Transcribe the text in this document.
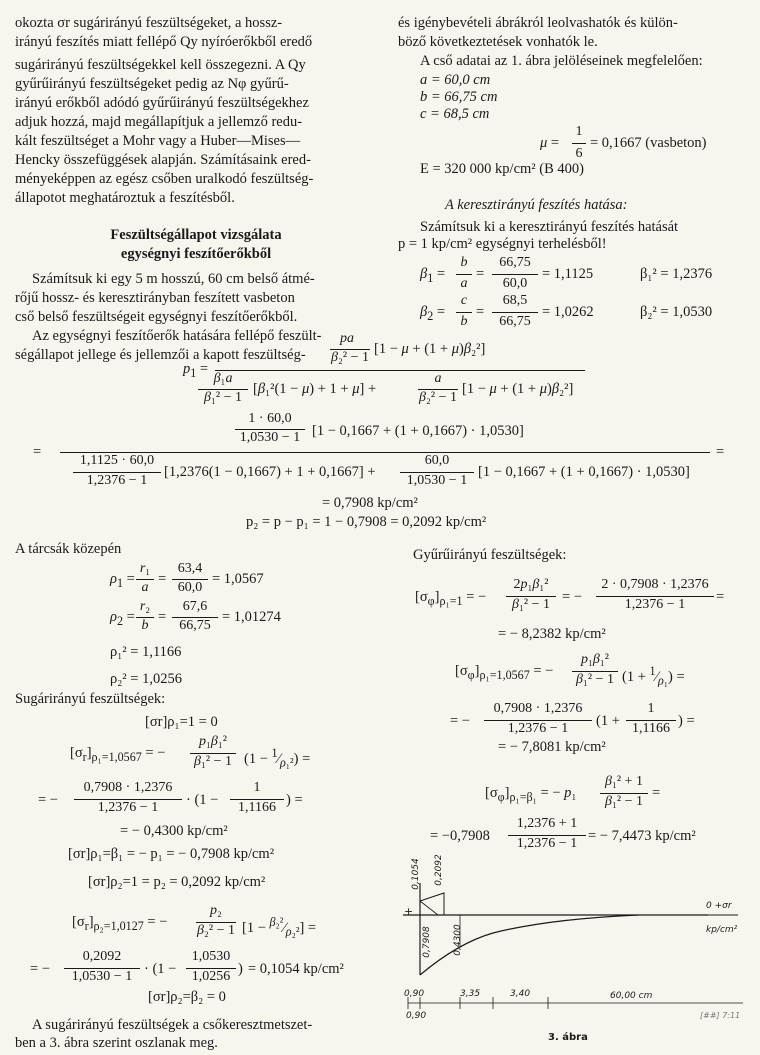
okozta σr sugárirányú feszültségeket, a hossz-
irányú feszítés miatt fellépő Qy nyíróerőkből eredő
sugárirányú feszültségekkel kell összegezni. A Qy
gyűrűirányú feszültségeket pedig az Nφ gyűrű-
irányú erőkből adódó gyűrűirányú feszültségekhez
adjuk hozzá, majd megállapítjuk a jellemző redu-
kált feszültséget a Mohr vagy a Huber—Mises—
Hencky összefüggések alapján. Számításaink ered-
ményeképpen az egész csőben uralkodó feszültség-
állapotot meghatároztuk a feszítésből.
Feszültségállapot vizsgálata
egységnyi feszítőerőkből
Számítsuk ki egy 5 m hosszú, 60 cm belső átmé-
rőjű hossz- és keresztirányban feszített vasbeton
cső belső feszültségeit egységnyi feszítőerőkből.
Az egységnyi feszítőerők hatására fellépő feszült-
ségállapot jellege és jellemzői a kapott feszültség-
és igénybevételi ábrákról leolvashatók és külön-
böző következtetések vonhatók le.
A cső adatai az 1. ábra jelöléseinek megfelelően:
a = 60,0 cm
b = 66,75 cm
c = 68,5 cm
μ =
1
6
= 0,1667 (vasbeton)
E = 320 000 kp/cm² (B 400)
A keresztirányú feszítés hatása:
Számítsuk ki a keresztirányú feszítés hatását
p = 1 kp/cm² egységnyi terhelésből!
$\beta_1$ =
b
a
=
66,75
60,0
= 1,1125	β₁² = 1,2376
$\beta_2$ =
c
b
=
68,5
66,75
= 1,0262	β₂² = 1,0530
$p_1$ =
pa
β₂² − 1
[1 − μ + (1 + μ)β₂²]
β₁a
β₁² − 1
[β₁²(1 − μ) + 1 + μ] +
a
β₂² − 1
[1 − μ + (1 + μ)β₂²]
1 · 60,0
1,0530 − 1 [1 − 0,1667 + (1 + 0,1667) · 1,0530]
=	=
1,1125 · 60,0
1,2376 − 1
[1,2376(1 − 0,1667) + 1 + 0,1667] +
60,0
1,0530 − 1
[1 − 0,1667 + (1 + 0,1667) · 1,0530]
= 0,7908 kp/cm²
p₂ = p − p₁ = 1 − 0,7908 = 0,2092 kp/cm²
A tárcsák közepén
$\rho_1$ =
r₁
a
=
63,4
60,0
= 1,0567
$\rho_2$ =
r₂
b
=
67,6
66,75
= 1,01274
ρ₁² = 1,1166
ρ₂² = 1,0256
Sugárirányú feszültségek:
[σr]ρ₁=1 = 0
$[\sigma_r]_{\rho_1=1,0567}$ = −
p₁β₁²
β₁² − 1 $(1 - ^1⁄_{\rho_1^2})$ =
= −
0,7908 · 1,2376
1,2376 − 1	· (1 −
1
1,1166 ) =
= − 0,4300 kp/cm²
[σr]ρ₁=β₁ = − p₁ = − 0,7908 kp/cm²
[σr]ρ₂=1 = p₂ = 0,2092 kp/cm²
$[\sigma_r]_{\rho_2=1,0127}$ = −
p₂
β₂² − 1 $[1 - ^{\beta_2^2}⁄_{\rho_2^2}]$ =
= −
0,2092
1,0530 − 1 · (1 −
1,0530
1,0256 ) = 0,1054 kp/cm²
[σr]ρ₂=β₂ = 0
A sugárirányú feszültségek a csőkeresztmetszet-
ben a 3. ábra szerint oszlanak meg.
Gyűrűirányú feszültségek:
$[\sigma_\varphi]_{\rho_1=1}$ = −
2p₁β₁²
β₁² − 1 = −
2 · 0,7908 · 1,2376
1,2376 − 1	=
= − 8,2382 kp/cm²
$[\sigma_\varphi]_{\rho_1=1,0567}$ = −
p₁β₁²
β₁² − 1 $(1 + ^1⁄_{\rho_1})$ =
= −
0,7908 · 1,2376
1,2376 − 1	(1 +
1
1,1166 ) =
= − 7,8081 kp/cm²
$[\sigma_\varphi]_{\rho_1=\beta_1}$ = − p₁
β₁² + 1
β₁² − 1
=
= −0,7908
1,2376 + 1
1,2376 − 1 = − 7,4473 kp/cm²
+
0,1054 0,2092
0,7908 0,4300
0 +σr
kp/cm²
0,90	3,35	3,40	60,00 cm
0,90	[##] 7:11
3. ábra
